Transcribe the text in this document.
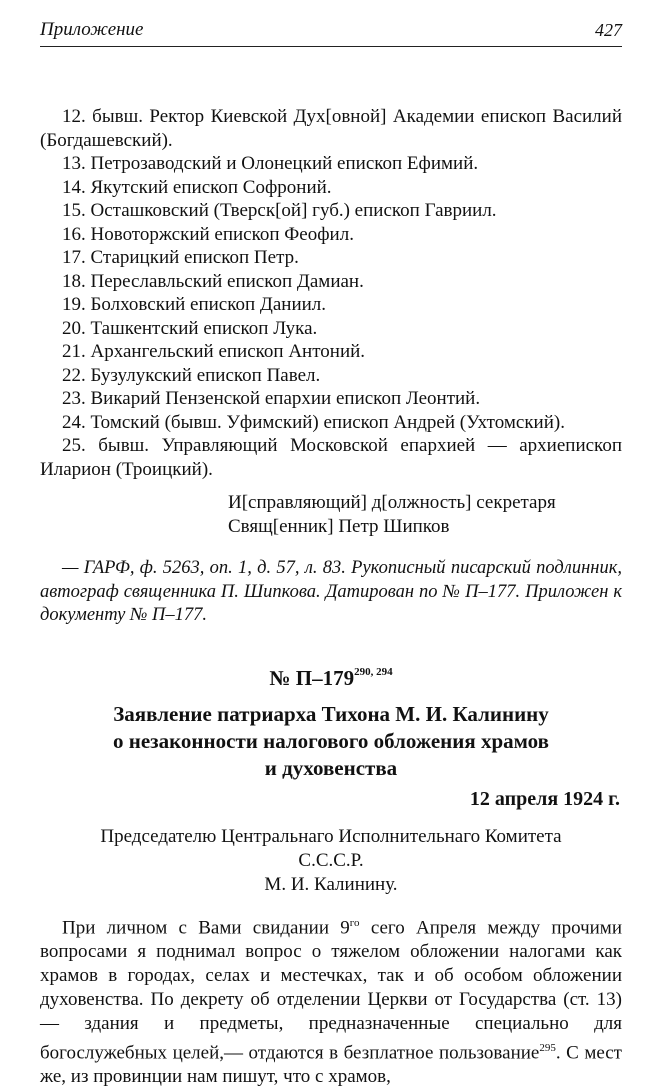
Приложение	427

12. бывш. Ректор Киевской Дух[овной] Академии епископ Василий (Богдашевский).

13. Петрозаводский и Олонецкий епископ Ефимий.

14. Якутский епископ Софроний.

15. Осташковский (Тверск[ой] губ.) епископ Гавриил.

16. Новоторжский епископ Феофил.

17. Старицкий епископ Петр.

18. Переславльский епископ Дамиан.

19. Болховский епископ Даниил.

20. Ташкентский епископ Лука.

21. Архангельский епископ Антоний.

22. Бузулукский епископ Павел.

23. Викарий Пензенской епархии епископ Леонтий.

24. Томский (бывш. Уфимский) епископ Андрей (Ухтомский).

25. бывш. Управляющий Московской епархией — архиепископ Иларион (Троицкий).

И[справляющий] д[олжность] секретаря
Свящ[енник] Петр Шипков
— ГАРФ, ф. 5263, оп. 1, д. 57, л. 83. Рукописный писарский подлинник, автограф священника П. Шипкова. Датирован по № П–177. Приложен к документу № П–177.
№ П–179$^{290, 294}$
Заявление патриарха Тихона М. И. Калинину
о незаконности налогового обложения храмов
и духовенства
12 апреля 1924 г.
Председателю Центральнаго Исполнительнаго Комитета
С.С.С.Р.
М. И. Калинину.
При личном с Вами свидании $9^{го}$ сего Апреля между прочими вопросами я поднимал вопрос о тяжелом обложении налогами как храмов в городах, селах и местечках, так и об особом обложении духовенства. По декрету об отделении Церкви от Государства (ст. 13) — здания и предметы, предназначенные специально для богослужебных целей,— отдаются в безплатное пользование$^{295}$. С мест же, из провинции нам пишут, что с храмов,
